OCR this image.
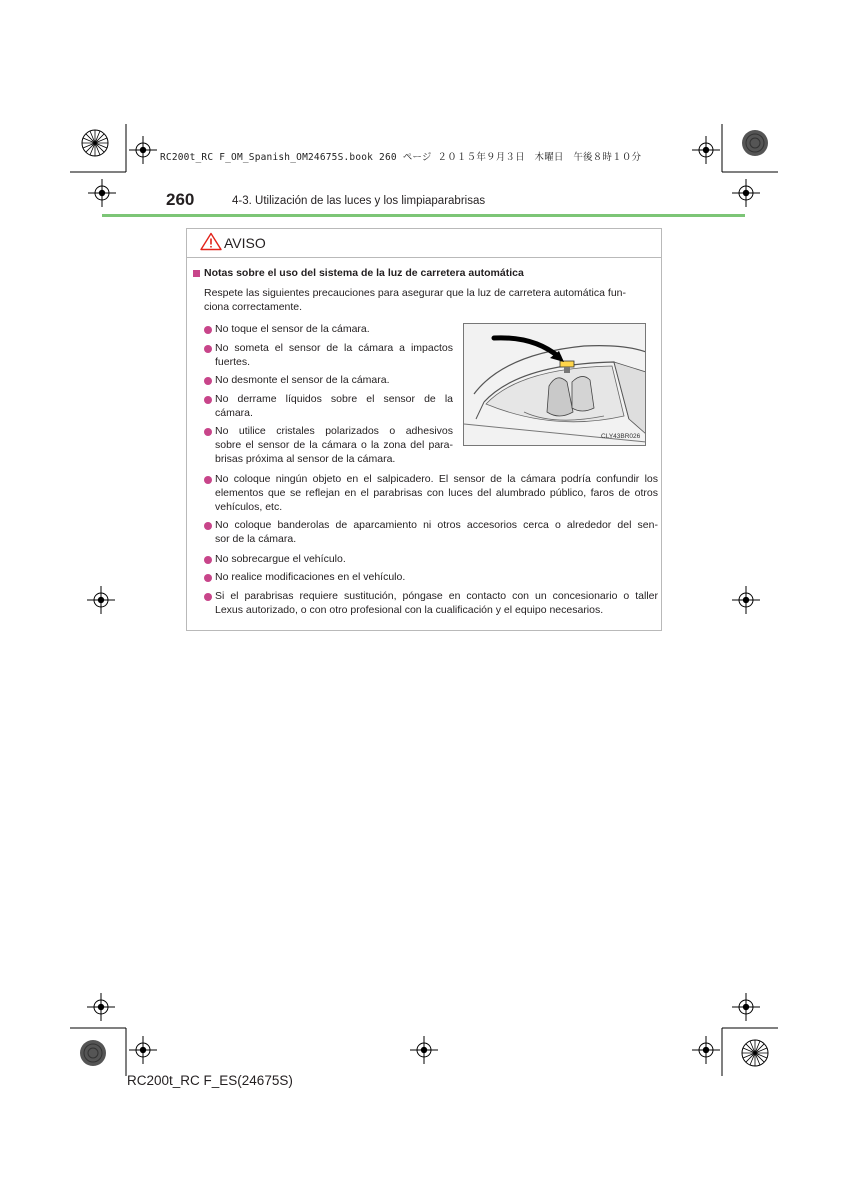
RC200t_RC F_OM_Spanish_OM24675S.book 260 ページ ２０１５年９月３日　木曜日　午後８時１０分
260	4-3. Utilización de las luces y los limpiaparabrisas
AVISO
Notas sobre el uso del sistema de la luz de carretera automática
Respete las siguientes precauciones para asegurar que la luz de carretera automática fun-
ciona correctamente.
No toque el sensor de la cámara.
No someta el sensor de la cámara a impactos
fuertes.
No desmonte el sensor de la cámara.
No derrame líquidos sobre el sensor de la
cámara.
No utilice cristales polarizados o adhesivos
sobre el sensor de la cámara o la zona del para-
brisas próxima al sensor de la cámara.
CLY43BR026
No coloque ningún objeto en el salpicadero. El sensor de la cámara podría confundir los
elementos que se reflejan en el parabrisas con luces del alumbrado público, faros de otros
vehículos, etc.
No coloque banderolas de aparcamiento ni otros accesorios cerca o alrededor del sen-
sor de la cámara.
No sobrecargue el vehículo.
No realice modificaciones en el vehículo.
Si el parabrisas requiere sustitución, póngase en contacto con un concesionario o taller
Lexus autorizado, o con otro profesional con la cualificación y el equipo necesarios.
RC200t_RC F_ES(24675S)
